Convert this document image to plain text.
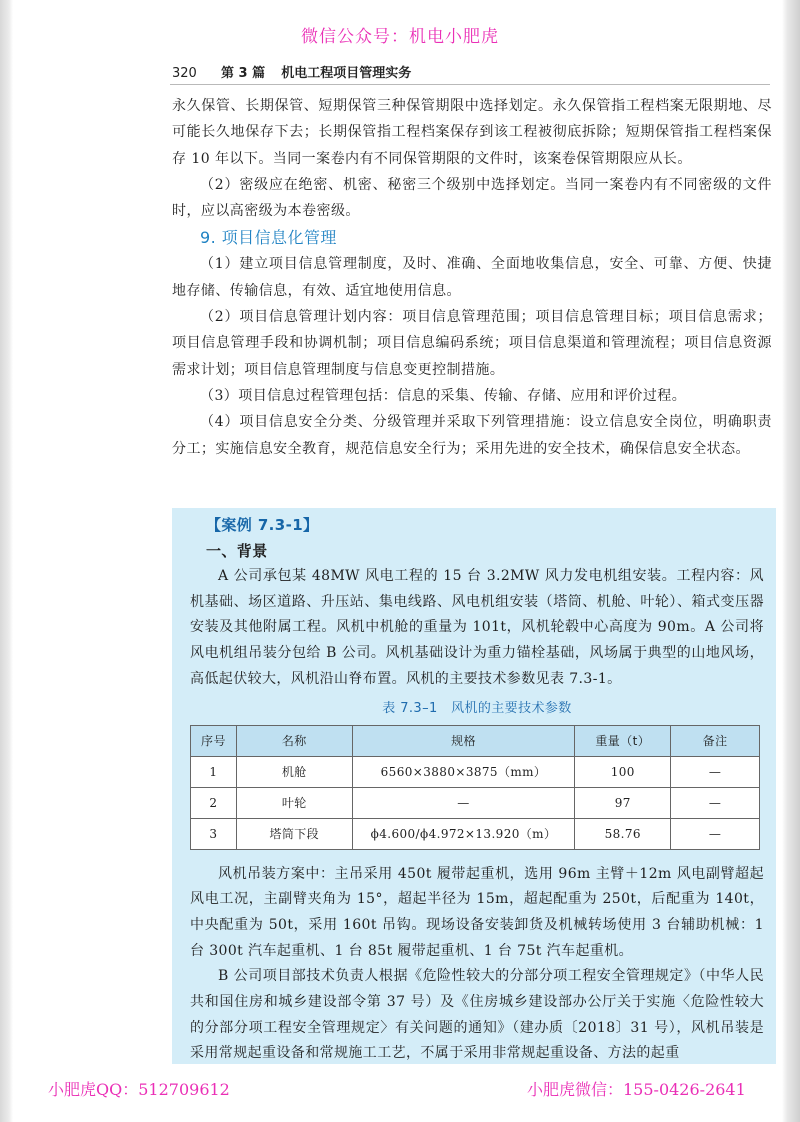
微信公众号：机电小肥虎
320 第 3 篇 机电工程项目管理实务

永久保管、长期保管、短期保管三种保管期限中选择划定。永久保管指工程档案无限期地、尽可能长久地保存下去；长期保管指工程档案保存到该工程被彻底拆除；短期保管指工程档案保存 10 年以下。当同一案卷内有不同保管期限的文件时，该案卷保管期限应从长。

（2）密级应在绝密、机密、秘密三个级别中选择划定。当同一案卷内有不同密级的文件时，应以高密级为本卷密级。

9. 项目信息化管理

（1）建立项目信息管理制度，及时、准确、全面地收集信息，安全、可靠、方便、快捷地存储、传输信息，有效、适宜地使用信息。

（2）项目信息管理计划内容：项目信息管理范围；项目信息管理目标；项目信息需求；项目信息管理手段和协调机制；项目信息编码系统；项目信息渠道和管理流程；项目信息资源需求计划；项目信息管理制度与信息变更控制措施。

（3）项目信息过程管理包括：信息的采集、传输、存储、应用和评价过程。

（4）项目信息安全分类、分级管理并采取下列管理措施：设立信息安全岗位，明确职责分工；实施信息安全教育，规范信息安全行为；采用先进的安全技术，确保信息安全状态。

【案例 7.3-1】

一、背景

A 公司承包某 48MW 风电工程的 15 台 3.2MW 风力发电机组安装。工程内容：风机基础、场区道路、升压站、集电线路、风电机组安装（塔筒、机舱、叶轮）、箱式变压器安装及其他附属工程。风机中机舱的重量为 101t，风机轮毂中心高度为 90m。A 公司将风电机组吊装分包给 B 公司。风机基础设计为重力锚栓基础，风场属于典型的山地风场，高低起伏较大，风机沿山脊布置。风机的主要技术参数见表 7.3-1。

表 7.3–1　风机的主要技术参数
序号	名称	规格	重量（t）	备注
1	机舱	6560×3880×3875（mm）	100	—
2	叶轮	—	97	—
3	塔筒下段	ϕ4.600/ϕ4.972×13.920（m）	58.76	—

风机吊装方案中：主吊采用 450t 履带起重机，选用 96m 主臂＋12m 风电副臂超起风电工况，主副臂夹角为 15°，超起半径为 15m，超起配重为 250t，后配重为 140t，中央配重为 50t，采用 160t 吊钩。现场设备安装卸货及机械转场使用 3 台辅助机械：1 台 300t 汽车起重机、1 台 85t 履带起重机、1 台 75t 汽车起重机。

B 公司项目部技术负责人根据《危险性较大的分部分项工程安全管理规定》（中华人民共和国住房和城乡建设部令第 37 号）及《住房城乡建设部办公厅关于实施〈危险性较大的分部分项工程安全管理规定〉有关问题的通知》（建办质〔2018〕31 号），风机吊装是采用常规起重设备和常规施工工艺，不属于采用非常规起重设备、方法的起重

小肥虎QQ：512709612	小肥虎微信：155-0426-2641
